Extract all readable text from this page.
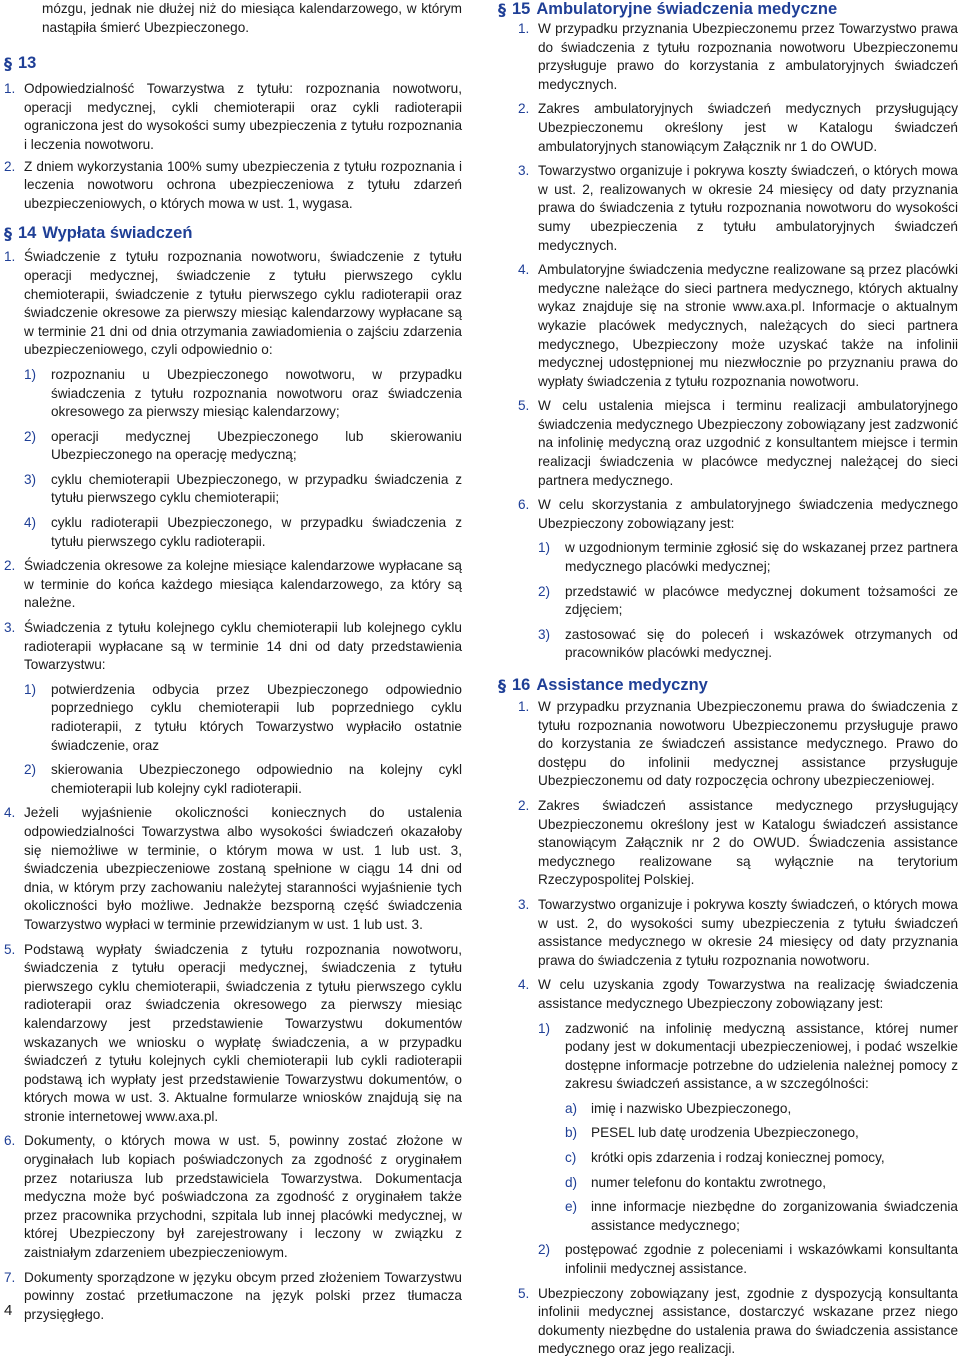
mózgu, jednak nie dłużej niż do miesiąca kalendarzowego, w którym nastąpiła śmierć Ubezpieczonego.

§ 13
1. Odpowiedzialność Towarzystwa z tytułu: rozpoznania nowotworu, operacji medycznej, cykli chemioterapii oraz cykli radioterapii ograniczona jest do wysokości sumy ubezpieczenia z tytułu rozpoznania i leczenia nowotworu.
2. Z dniem wykorzystania 100% sumy ubezpieczenia z tytułu rozpoznania i leczenia nowotworu ochrona ubezpieczeniowa z tytułu zdarzeń ubezpieczeniowych, o których mowa w ust. 1, wygasa.
§ 14 Wypłata świadczeń
1. Świadczenie z tytułu rozpoznania nowotworu, świadczenie z tytułu operacji medycznej, świadczenie z tytułu pierwszego cyklu chemioterapii, świadczenie z tytułu pierwszego cyklu radioterapii oraz świadczenie okresowe za pierwszy miesiąc kalendarzowy wypłacane są w terminie 21 dni od dnia otrzymania zawiadomienia o zajściu zdarzenia ubezpieczeniowego, czyli odpowiednio o:
1)	rozpoznaniu u Ubezpieczonego nowotworu, w przypadku świadczenia z tytułu rozpoznania nowotworu oraz świadczenia okresowego za pierwszy miesiąc kalendarzowy;
2)	operacji medycznej Ubezpieczonego lub skierowaniu Ubezpieczonego na operację medyczną;
3)	cyklu chemioterapii Ubezpieczonego, w przypadku świadczenia z tytułu pierwszego cyklu chemioterapii;
4)	cyklu radioterapii Ubezpieczonego, w przypadku świadczenia z tytułu pierwszego cyklu radioterapii.
2. Świadczenia okresowe za kolejne miesiące kalendarzowe wypłacane są w terminie do końca każdego miesiąca kalendarzowego, za który są należne.
3. Świadczenia z tytułu kolejnego cyklu chemioterapii lub kolejnego cyklu radioterapii wypłacane są w terminie 14 dni od daty przedstawienia Towarzystwu:
1)	potwierdzenia odbycia przez Ubezpieczonego odpowiednio poprzedniego cyklu chemioterapii lub poprzedniego cyklu radioterapii, z tytułu których Towarzystwo wypłaciło ostatnie świadczenie, oraz
2)	skierowania Ubezpieczonego odpowiednio na kolejny cykl chemioterapii lub kolejny cykl radioterapii.
4. Jeżeli wyjaśnienie okoliczności koniecznych do ustalenia odpowiedzialności Towarzystwa albo wysokości świadczeń okazałoby się niemożliwe w terminie, o którym mowa w ust. 1 lub ust. 3, świadczenia ubezpieczeniowe zostaną spełnione w ciągu 14 dni od dnia, w którym przy zachowaniu należytej staranności wyjaśnienie tych okoliczności było możliwe. Jednakże bezsporną część świadczenia Towarzystwo wypłaci w terminie przewidzianym w ust. 1 lub ust. 3.
5. Podstawą wypłaty świadczenia z tytułu rozpoznania nowotworu, świadczenia z tytułu operacji medycznej, świadczenia z tytułu pierwszego cyklu chemioterapii, świadczenia z tytułu pierwszego cyklu radioterapii oraz świadczenia okresowego za pierwszy miesiąc kalendarzowy jest przedstawienie Towarzystwu dokumentów wskazanych we wniosku o wypłatę świadczenia, a w przypadku świadczeń z tytułu kolejnych cykli chemioterapii lub cykli radioterapii podstawą ich wypłaty jest przedstawienie Towarzystwu dokumentów, o których mowa w ust. 3. Aktualne formularze wniosków znajdują się na stronie internetowej www.axa.pl.
6. Dokumenty, o których mowa w ust. 5, powinny zostać złożone w oryginałach lub kopiach poświadczonych za zgodność z oryginałem przez notariusza lub przedstawiciela Towarzystwa. Dokumentacja medyczna może być poświadczona za zgodność z oryginałem także przez pracownika przychodni, szpitala lub innej placówki medycznej, w której Ubezpieczony był zarejestrowany i leczony w związku z zaistniałym zdarzeniem ubezpieczeniowym.
7. Dokumenty sporządzone w języku obcym przed złożeniem Towarzystwu powinny zostać przetłumaczone na język polski przez tłumacza przysięgłego.
§ 15 Ambulatoryjne świadczenia medyczne
1. W przypadku przyznania Ubezpieczonemu przez Towarzystwo prawa do świadczenia z tytułu rozpoznania nowotworu Ubezpieczonemu przysługuje prawo do korzystania z ambulatoryjnych świadczeń medycznych.
2. Zakres ambulatoryjnych świadczeń medycznych przysługujący Ubezpieczonemu określony jest w Katalogu świadczeń ambulatoryjnych stanowiącym Załącznik nr 1 do OWUD.
3. Towarzystwo organizuje i pokrywa koszty świadczeń, o których mowa w ust. 2, realizowanych w okresie 24 miesięcy od daty przyznania prawa do świadczenia z tytułu rozpoznania nowotworu do wysokości sumy ubezpieczenia z tytułu ambulatoryjnych świadczeń medycznych.
4. Ambulatoryjne świadczenia medyczne realizowane są przez placówki medyczne należące do sieci partnera medycznego, których aktualny wykaz znajduje się na stronie www.axa.pl. Informacje o aktualnym wykazie placówek medycznych, należących do sieci partnera medycznego, Ubezpieczony może uzyskać także na infolinii medycznej udostępnionej mu niezwłocznie po przyznaniu prawa do wypłaty świadczenia z tytułu rozpoznania nowotworu.
5. W celu ustalenia miejsca i terminu realizacji ambulatoryjnego świadczenia medycznego Ubezpieczony zobowiązany jest zadzwonić na infolinię medyczną oraz uzgodnić z konsultantem miejsce i termin realizacji świadczenia w placówce medycznej należącej do sieci partnera medycznego.
6. W celu skorzystania z ambulatoryjnego świadczenia medycznego Ubezpieczony zobowiązany jest:
1)	w uzgodnionym terminie zgłosić się do wskazanej przez partnera medycznego placówki medycznej;
2)	przedstawić w placówce medycznej dokument tożsamości ze zdjęciem;
3)	zastosować się do poleceń i wskazówek otrzymanych od pracowników placówki medycznej.
§ 16 Assistance medyczny
1. W przypadku przyznania Ubezpieczonemu prawa do świadczenia z tytułu rozpoznania nowotworu Ubezpieczonemu przysługuje prawo do korzystania ze świadczeń assistance medycznego. Prawo do dostępu do infolinii medycznej assistance przysługuje Ubezpieczonemu od daty rozpoczęcia ochrony ubezpieczeniowej.
2. Zakres świadczeń assistance medycznego przysługujący Ubezpieczonemu określony jest w Katalogu świadczeń assistance stanowiącym Załącznik nr 2 do OWUD. Świadczenia assistance medycznego realizowane są wyłącznie na terytorium Rzeczypospolitej Polskiej.
3. Towarzystwo organizuje i pokrywa koszty świadczeń, o których mowa w ust. 2, do wysokości sumy ubezpieczenia z tytułu świadczeń assistance medycznego w okresie 24 miesięcy od daty przyznania prawa do świadczenia z tytułu rozpoznania nowotworu.
4. W celu uzyskania zgody Towarzystwa na realizację świadczenia assistance medycznego Ubezpieczony zobowiązany jest:
1)	zadzwonić na infolinię medyczną assistance, której numer podany jest w dokumentacji ubezpieczeniowej, i podać wszelkie dostępne informacje potrzebne do udzielenia należnej pomocy z zakresu świadczeń assistance, a w szczególności:
a)	imię i nazwisko Ubezpieczonego,
b)	PESEL lub datę urodzenia Ubezpieczonego,
c)	krótki opis zdarzenia i rodzaj koniecznej pomocy,
d)	numer telefonu do kontaktu zwrotnego,
e)	inne informacje niezbędne do zorganizowania świadczenia assistance medycznego;
2)	postępować zgodnie z poleceniami i wskazówkami konsultanta infolinii medycznej assistance.
5. Ubezpieczony zobowiązany jest, zgodnie z dyspozycją konsultanta infolinii medycznej assistance, dostarczyć wskazane przez niego dokumenty niezbędne do ustalenia prawa do świadczenia assistance medycznego oraz jego realizacji.
4
